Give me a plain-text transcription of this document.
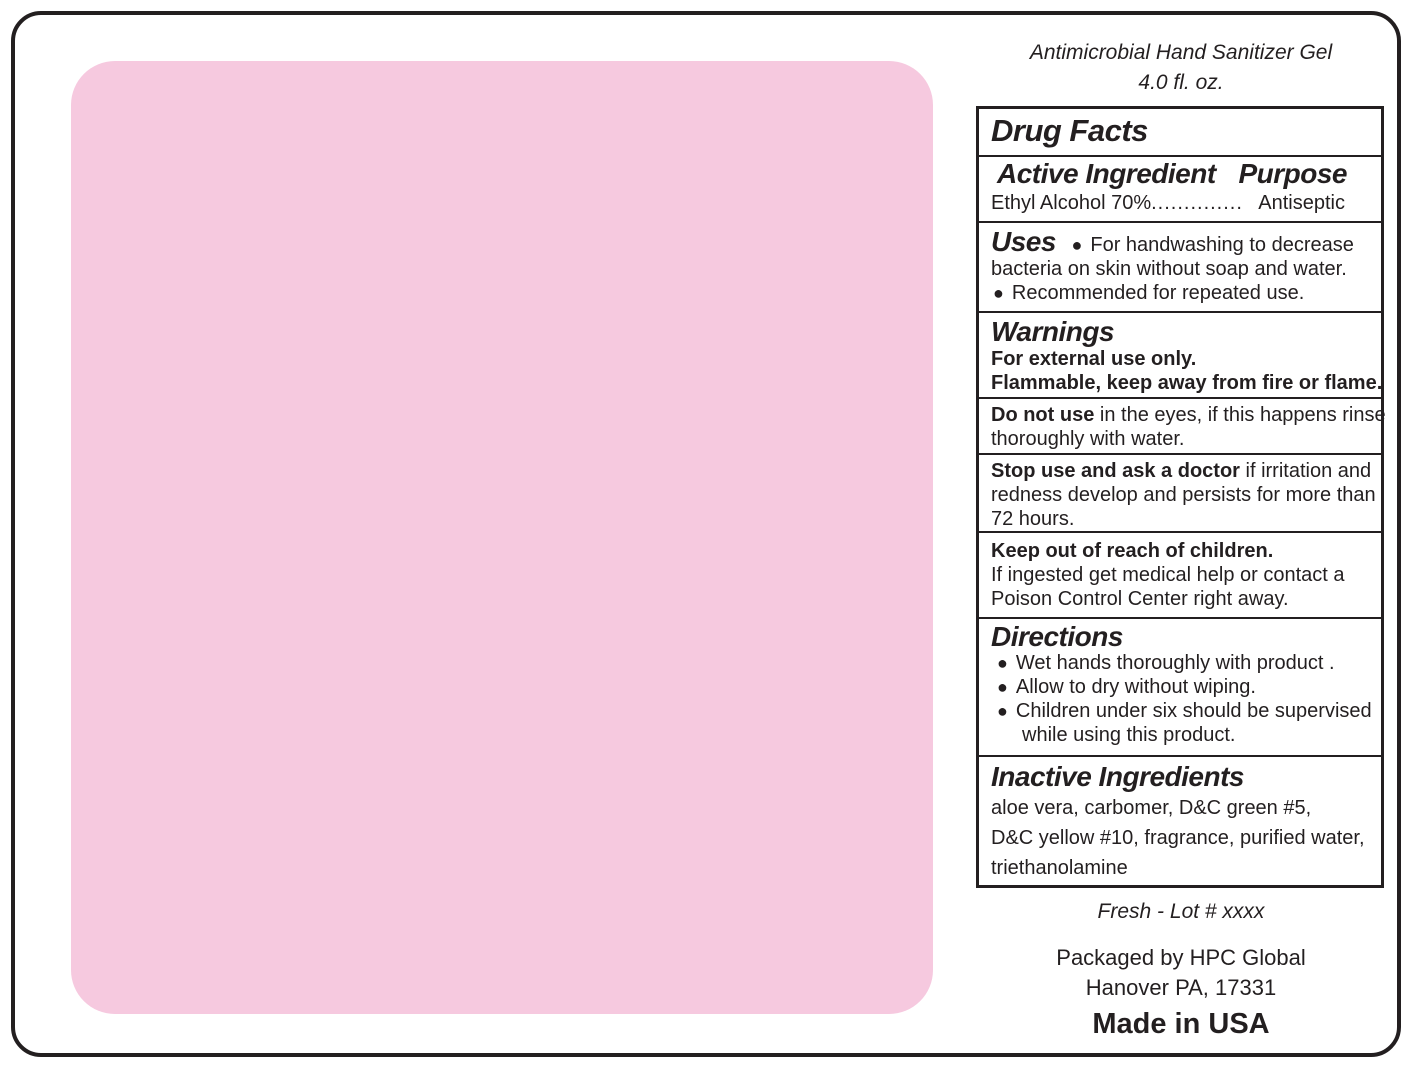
Antimicrobial Hand Sanitizer Gel
4.0 fl. oz.
Drug Facts
Active Ingredient Purpose
Ethyl Alcohol 70%.............. Antiseptic
Uses ● For handwashing to decrease
bacteria on skin without soap and water.
● Recommended for repeated use.
Warnings
For external use only.
Flammable, keep away from fire or flame.
Do not use in the eyes, if this happens rinse
thoroughly with water.
Stop use and ask a doctor if irritation and
redness develop and persists for more than
72 hours.
Keep out of reach of children.
If ingested get medical help or contact a
Poison Control Center right away.
Directions
● Wet hands thoroughly with product .
● Allow to dry without wiping.
● Children under six should be supervised
while using this product.
Inactive Ingredients
aloe vera, carbomer, D&C green #5,
D&C yellow #10, fragrance, purified water,
triethanolamine
Fresh - Lot # xxxx
Packaged by HPC Global
Hanover PA, 17331
Made in USA
